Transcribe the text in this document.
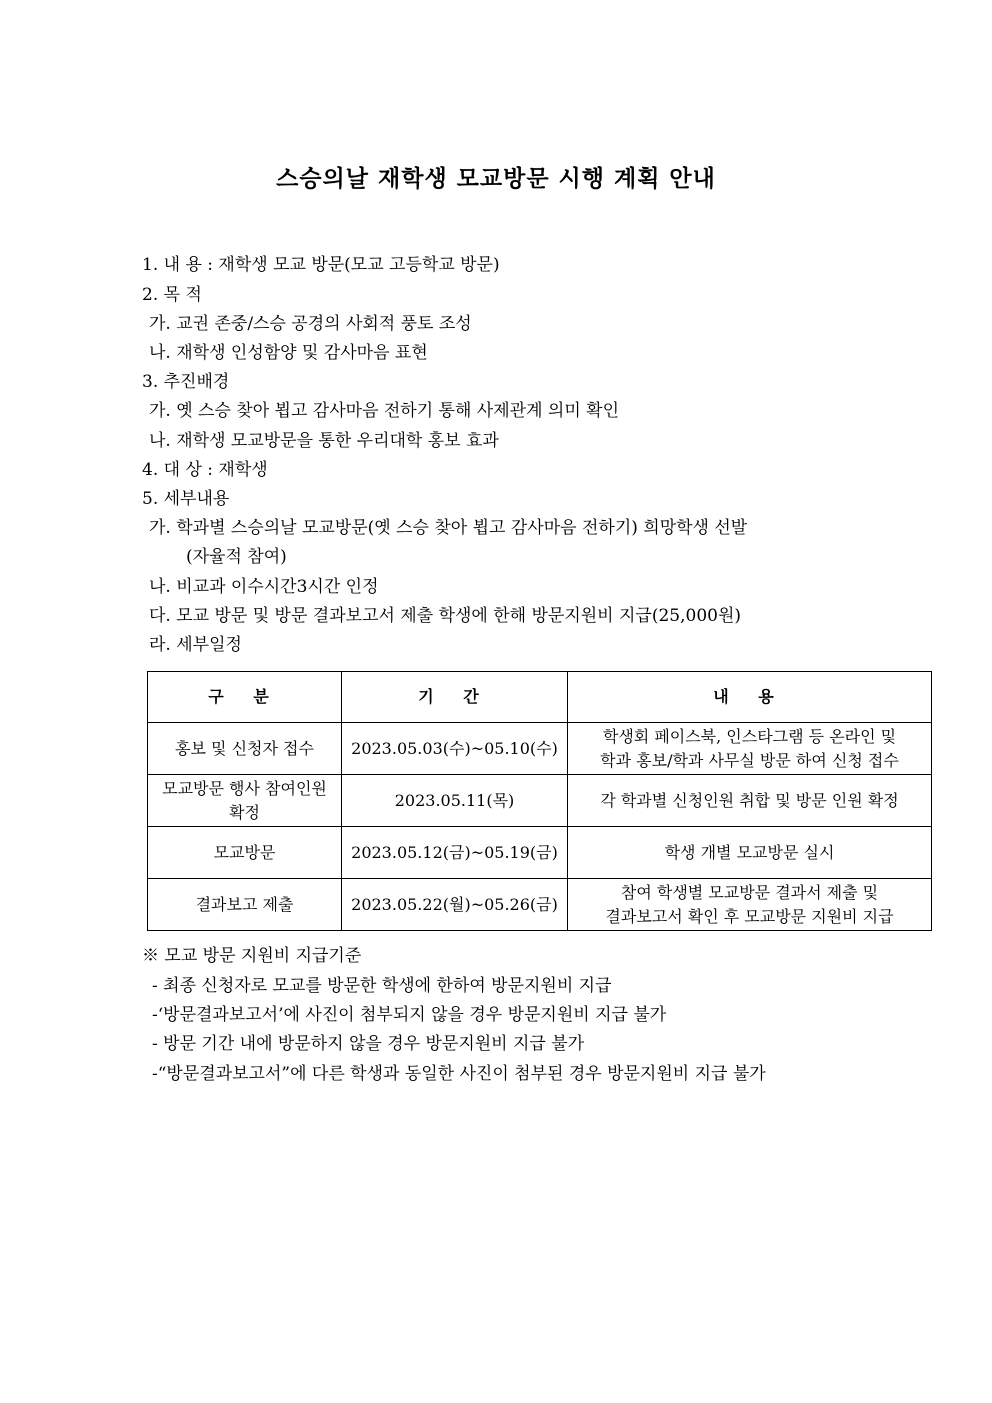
스승의날 재학생 모교방문 시행 계획 안내
1. 내 용 : 재학생 모교 방문(모교 고등학교 방문)
2. 목 적
가. 교권 존중/스승 공경의 사회적 풍토 조성
나. 재학생 인성함양 및 감사마음 표현
3. 추진배경
가. 옛 스승 찾아 뵙고 감사마음 전하기 통해 사제관계 의미 확인
나. 재학생 모교방문을 통한 우리대학 홍보 효과
4. 대 상 : 재학생
5. 세부내용
가. 학과별 스승의날 모교방문(옛 스승 찾아 뵙고 감사마음 전하기) 희망학생 선발
(자율적 참여)
나. 비교과 이수시간3시간 인정
다. 모교 방문 및 방문 결과보고서 제출 학생에 한해 방문지원비 지급(25,000원)
라. 세부일정
구 분	기 간	내 용
홍보 및 신청자 접수	2023.05.03(수)~05.10(수)	학생회 페이스북, 인스타그램 등 온라인 및
학과 홍보/학과 사무실 방문 하여 신청 접수

모교방문 행사 참여인원
확정	2023.05.11(목)	각 학과별 신청인원 취합 및 방문 인원 확정
모교방문	2023.05.12(금)~05.19(금)	학생 개별 모교방문 실시
결과보고 제출	2023.05.22(월)~05.26(금)	참여 학생별 모교방문 결과서 제출 및
결과보고서 확인 후 모교방문 지원비 지급
※ 모교 방문 지원비 지급기준
- 최종 신청자로 모교를 방문한 학생에 한하여 방문지원비 지급
-‘방문결과보고서’에 사진이 첨부되지 않을 경우 방문지원비 지급 불가
- 방문 기간 내에 방문하지 않을 경우 방문지원비 지급 불가
-“방문결과보고서”에 다른 학생과 동일한 사진이 첨부된 경우 방문지원비 지급 불가
